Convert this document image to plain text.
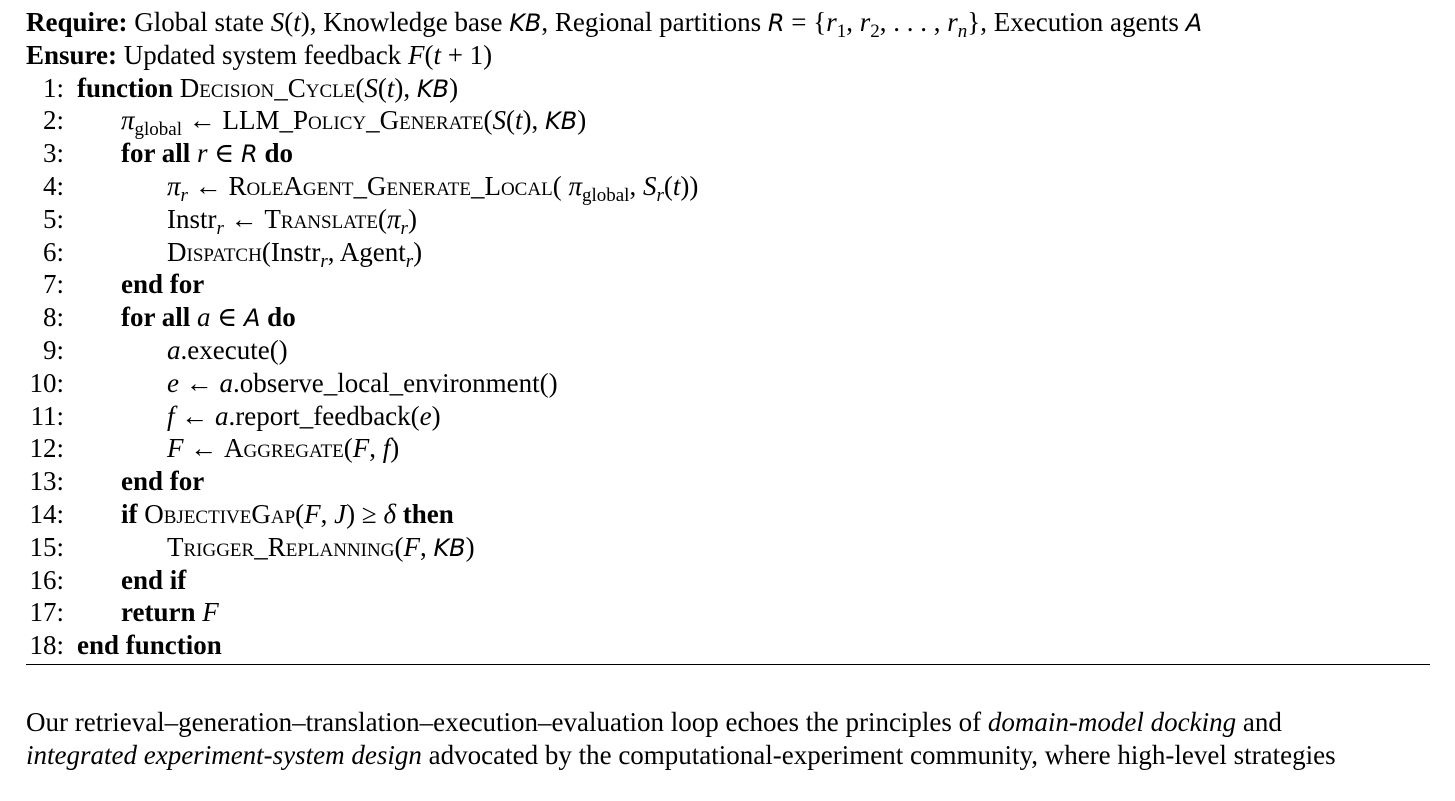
Require: Global state S(t), Knowledge base KB, Regional partitions $R = \{r_1$, $r_2$, . . . , $r_n$}, Execution agents A
Ensure: Updated system feedback F(t + 1)
1: function Decision_Cycle(S(t), KB)
2: $\pi_{global}$ ← LLM_Policy_Generate(S(t), KB)
3: for all r ∈ R do
4:	$\pi_r$ ← RoleAgent_Generate_Local( $\pi_{global}$, $S_r(t)$)
5:	Instr$_r$ ← $Translate(\pi_r)$
6:	Dispatch(Instr$_r$, Agent$_r$)
7: end for
8: for all a ∈ A do
9:	a.execute()
10:	e ← a.observe_local_environment()
11:	f ← a.report_feedback(e)
12:	F ← Aggregate(F, f)
13: end for
14: if ObjectiveGap(F, J) ≥ δ then
15:	Trigger_Replanning(F, KB)
16: end if
17: return F
18: end function
Our retrieval–generation–translation–execution–evaluation loop echoes the principles of domain-model docking and
integrated experiment-system design advocated by the computational-experiment community, where high-level strategies
